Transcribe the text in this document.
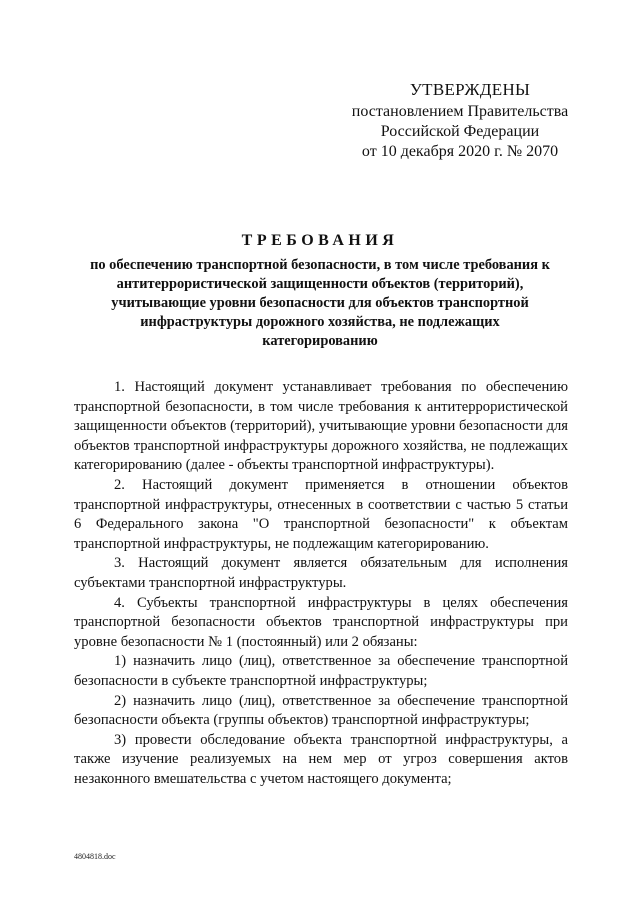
УТВЕРЖДЕНЫ
постановлением Правительства
Российской Федерации
от 10 декабря 2020 г. № 2070
ТРЕБОВАНИЯ
по обеспечению транспортной безопасности, в том числе требования к
антитеррористической защищенности объектов (территорий),
учитывающие уровни безопасности для объектов транспортной
инфраструктуры дорожного хозяйства, не подлежащих
категорированию

1. Настоящий документ устанавливает требования по обеспечению транспортной безопасности, в том числе требования к антитеррористической защищенности объектов (территорий), учитывающие уровни безопасности для объектов транспортной инфраструктуры дорожного хозяйства, не подлежащих категорированию (далее - объекты транспортной инфраструктуры).

2. Настоящий документ применяется в отношении объектов транспортной инфраструктуры, отнесенных в соответствии с частью 5 статьи 6 Федерального закона "О транспортной безопасности" к объектам транспортной инфраструктуры, не подлежащим категорированию.

3. Настоящий документ является обязательным для исполнения субъектами транспортной инфраструктуры.

4. Субъекты транспортной инфраструктуры в целях обеспечения транспортной безопасности объектов транспортной инфраструктуры при уровне безопасности № 1 (постоянный) или 2 обязаны:

1) назначить лицо (лиц), ответственное за обеспечение транспортной безопасности в субъекте транспортной инфраструктуры;

2) назначить лицо (лиц), ответственное за обеспечение транспортной безопасности объекта (группы объектов) транспортной инфраструктуры;

3) провести обследование объекта транспортной инфраструктуры, а также изучение реализуемых на нем мер от угроз совершения актов незаконного вмешательства с учетом настоящего документа;

4804818.doc
